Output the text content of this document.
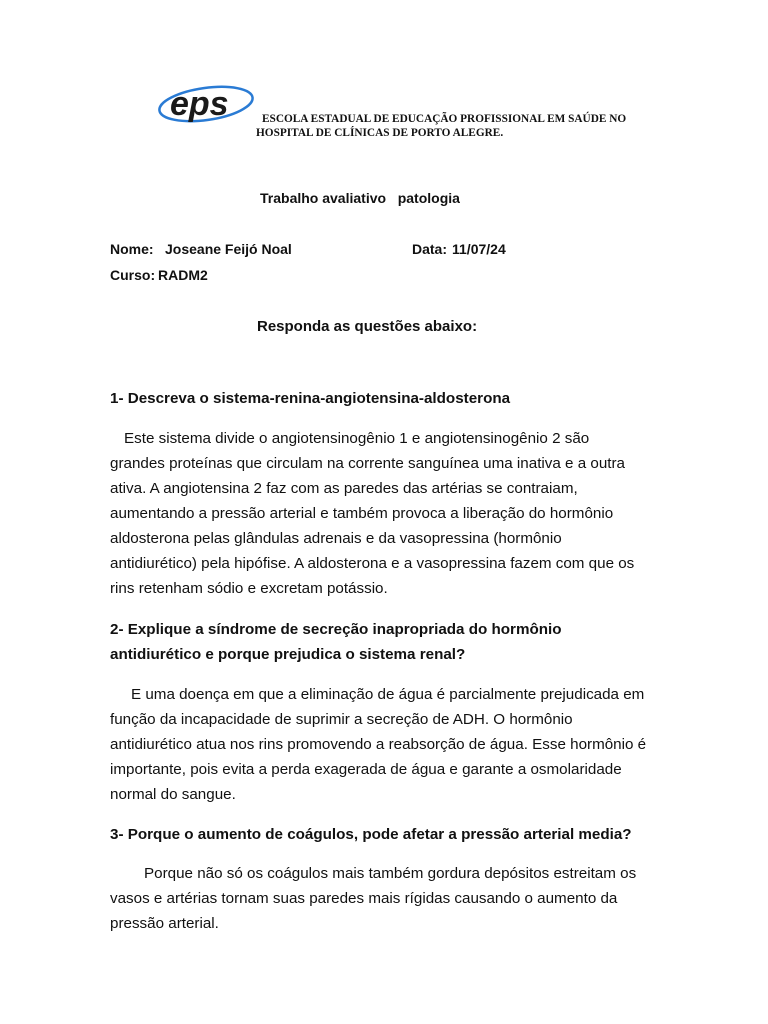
eps	ESCOLA ESTADUAL DE EDUCAÇÃO PROFISSIONAL EM SAÚDE NO
HOSPITAL DE CLÍNICAS DE PORTO ALEGRE.
Trabalho avaliativo   patologia
Nome: Joseane Feijó Noal	Data: 11/07/24
Curso: RADM2
Responda as questões abaixo:
1- Descreva o sistema-renina-angiotensina-aldosterona
Este sistema divide o angiotensinogênio 1 e angiotensinogênio 2 são
grandes proteínas que circulam na corrente sanguínea uma inativa e a outra
ativa. A angiotensina 2 faz com as paredes das artérias se contraiam,
aumentando a pressão arterial e também provoca a liberação do hormônio
aldosterona pelas glândulas adrenais e da vasopressina (hormônio
antidiurético) pela hipófise. A aldosterona e a vasopressina fazem com que os
rins retenham sódio e excretam potássio.
2- Explique a síndrome de secreção inapropriada do hormônio
antidiurético e porque prejudica o sistema renal?
E uma doença em que a eliminação de água é parcialmente prejudicada em
função da incapacidade de suprimir a secreção de ADH. O hormônio
antidiurético atua nos rins promovendo a reabsorção de água. Esse hormônio é
importante, pois evita a perda exagerada de água e garante a osmolaridade
normal do sangue.
3- Porque o aumento de coágulos, pode afetar a pressão arterial media?
Porque não só os coágulos mais também gordura depósitos estreitam os
vasos e artérias tornam suas paredes mais rígidas causando o aumento da
pressão arterial.
